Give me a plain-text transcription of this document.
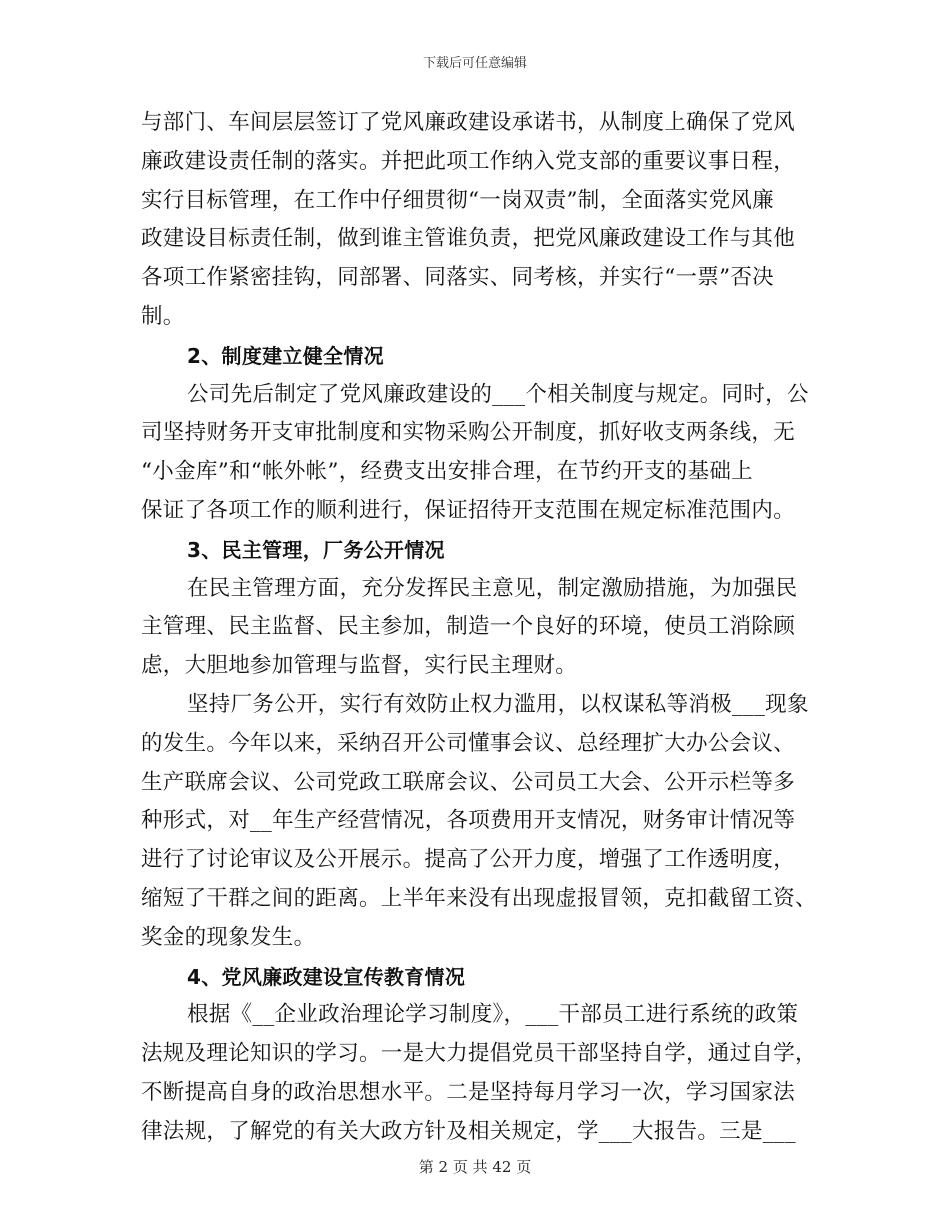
下载后可任意编辑
与部门、车间层层签订了党风廉政建设承诺书，从制度上确保了党风
廉政建设责任制的落实。并把此项工作纳入党支部的重要议事日程，
实行目标管理，在工作中仔细贯彻“一岗双责”制，全面落实党风廉
政建设目标责任制，做到谁主管谁负责，把党风廉政建设工作与其他
各项工作紧密挂钩，同部署、同落实、同考核，并实行“一票”否决
制。
2、制度建立健全情况
公司先后制定了党风廉政建设的___个相关制度与规定。同时，公
司坚持财务开支审批制度和实物采购公开制度，抓好收支两条线，无
“小金库”和“帐外帐”，经费支出安排合理，在节约开支的基础上
保证了各项工作的顺利进行，保证招待开支范围在规定标准范围内。
3、民主管理，厂务公开情况
在民主管理方面，充分发挥民主意见，制定激励措施，为加强民
主管理、民主监督、民主参加，制造一个良好的环境，使员工消除顾
虑，大胆地参加管理与监督，实行民主理财。
坚持厂务公开，实行有效防止权力滥用，以权谋私等消极___现象
的发生。今年以来，采纳召开公司懂事会议、总经理扩大办公会议、
生产联席会议、公司党政工联席会议、公司员工大会、公开示栏等多
种形式，对__年生产经营情况，各项费用开支情况，财务审计情况等
进行了讨论审议及公开展示。提高了公开力度，增强了工作透明度，
缩短了干群之间的距离。上半年来没有出现虚报冒领，克扣截留工资、
奖金的现象发生。
4、党风廉政建设宣传教育情况
根据《__企业政治理论学习制度》，___干部员工进行系统的政策
法规及理论知识的学习。一是大力提倡党员干部坚持自学，通过自学，
不断提高自身的政治思想水平。二是坚持每月学习一次，学习国家法
律法规，了解党的有关大政方针及相关规定，学___大报告。三是___
第 2 页 共 42 页
